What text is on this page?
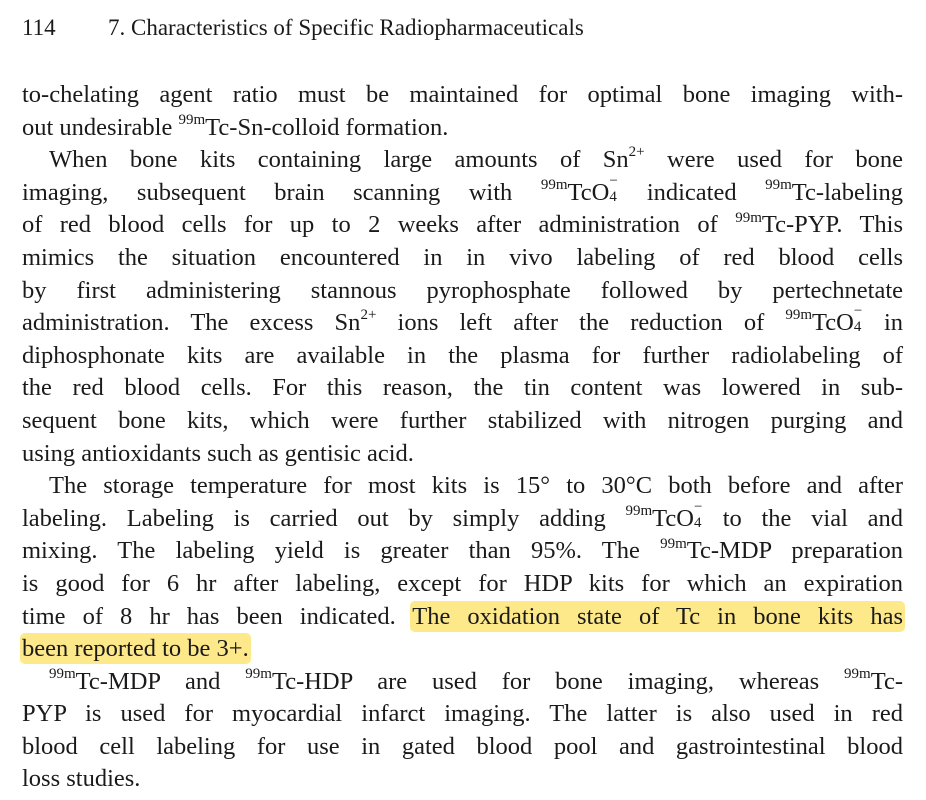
114 7. Characteristics of Specific Radiopharmaceuticals
to-chelating agent ratio must be maintained for optimal bone imaging with-
out undesirable $^{99m}$Tc-Sn-colloid formation.
When bone kits containing large amounts of $Sn^{2+}$ were used for bone
imaging, subsequent brain scanning with $^{99m}$TcO −
4 indicated $^{99m}$Tc-labeling
of red blood cells for up to 2 weeks after administration of $^{99m}$Tc-PYP. This
mimics the situation encountered in in vivo labeling of red blood cells
by first administering stannous pyrophosphate followed by pertechnetate
administration. The excess $Sn^{2+}$ ions left after the reduction of $^{99m}$TcO −
4 in
diphosphonate kits are available in the plasma for further radiolabeling of
the red blood cells. For this reason, the tin content was lowered in sub-
sequent bone kits, which were further stabilized with nitrogen purging and
using antioxidants such as gentisic acid.
The storage temperature for most kits is 15° to 30°C both before and after
labeling. Labeling is carried out by simply adding $^{99m}$TcO −
4 to the vial and
mixing. The labeling yield is greater than 95%. The $^{99m}$Tc-MDP preparation
is good for 6 hr after labeling, except for HDP kits for which an expiration
time of 8 hr has been indicated. The oxidation state of Tc in bone kits has
been reported to be 3+.
$^{99m}$Tc-MDP and $^{99m}$Tc-HDP are used for bone imaging, whereas $^{99m}$Tc-
PYP is used for myocardial infarct imaging. The latter is also used in red
blood cell labeling for use in gated blood pool and gastrointestinal blood
loss studies.
